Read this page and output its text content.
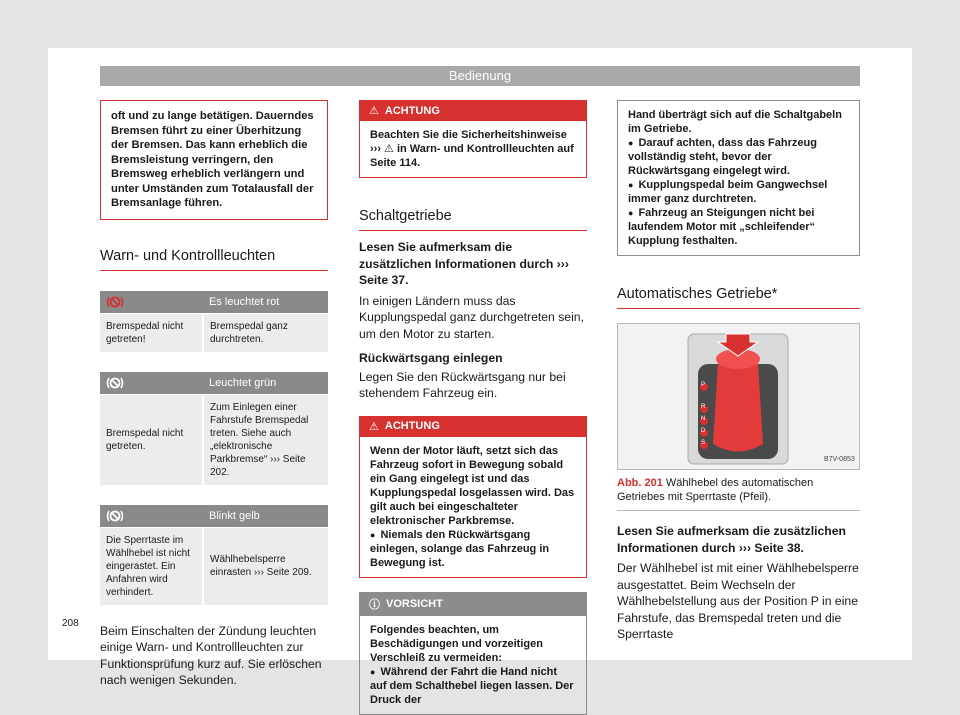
Bedienung
oft und zu lange betätigen. Dauerndes Bremsen führt zu einer Überhitzung der Bremsen. Das kann erheblich die Bremsleistung verringern, den Bremsweg erheblich verlängern und unter Umständen zum Totalausfall der Bremsanlage führen.
Warn- und Kontrollleuchten
	Es leuchtet rot
Bremspedal nicht getreten!	Bremspedal ganz durchtreten.
	Leuchtet grün
Bremspedal nicht getreten.	Zum Einlegen einer Fahrstufe Bremspedal treten. Siehe auch „elektronische Parkbremse“ ››› Seite 202.
	Blinkt gelb
Die Sperrtaste im Wählhebel ist nicht eingerastet. Ein Anfahren wird verhindert.	Wählhebelsperre einrasten ››› Seite 209.

Beim Einschalten der Zündung leuchten einige Warn- und Kontrollleuchten zur Funktionsprüfung kurz auf. Sie erlöschen nach wenigen Sekunden.

⚠ ACHTUNG
Beachten Sie die Sicherheitshinweise ››› ⚠ in Warn- und Kontrollleuchten auf Seite 114.
Schaltgetriebe

Lesen Sie aufmerksam die zusätzlichen Informationen durch ››› Seite 37.

In einigen Ländern muss das Kupplungspedal ganz durchgetreten sein, um den Motor zu starten.

Rückwärtsgang einlegen

Legen Sie den Rückwärtsgang nur bei stehendem Fahrzeug ein.

⚠ ACHTUNG
Wenn der Motor läuft, setzt sich das Fahrzeug sofort in Bewegung sobald ein Gang eingelegt ist und das Kupplungspedal losgelassen wird. Das gilt auch bei eingeschalteter elektronischer Parkbremse.
● Niemals den Rückwärtsgang einlegen, solange das Fahrzeug in Bewegung ist.
ⓘ VORSICHT
Folgendes beachten, um Beschädigungen und vorzeitigen Verschleiß zu vermeiden:
● Während der Fahrt die Hand nicht auf dem Schalthebel liegen lassen. Der Druck der
Hand überträgt sich auf die Schaltgabeln im Getriebe.
● Darauf achten, dass das Fahrzeug vollständig steht, bevor der Rückwärtsgang eingelegt wird.
● Kupplungspedal beim Gangwechsel immer ganz durchtreten.
● Fahrzeug an Steigungen nicht bei laufendem Motor mit „schleifender“ Kupplung festhalten.
Automatisches Getriebe*
B7V-0853
P
R
N
D
S
Abb. 201 Wählhebel des automatischen Getriebes mit Sperrtaste (Pfeil).

Lesen Sie aufmerksam die zusätzlichen Informationen durch ››› Seite 38.

Der Wählhebel ist mit einer Wählhebelsperre ausgestattet. Beim Wechseln der Wählhebelstellung aus der Position P in eine Fahrstufe, das Bremspedal treten und die Sperrtaste

208
